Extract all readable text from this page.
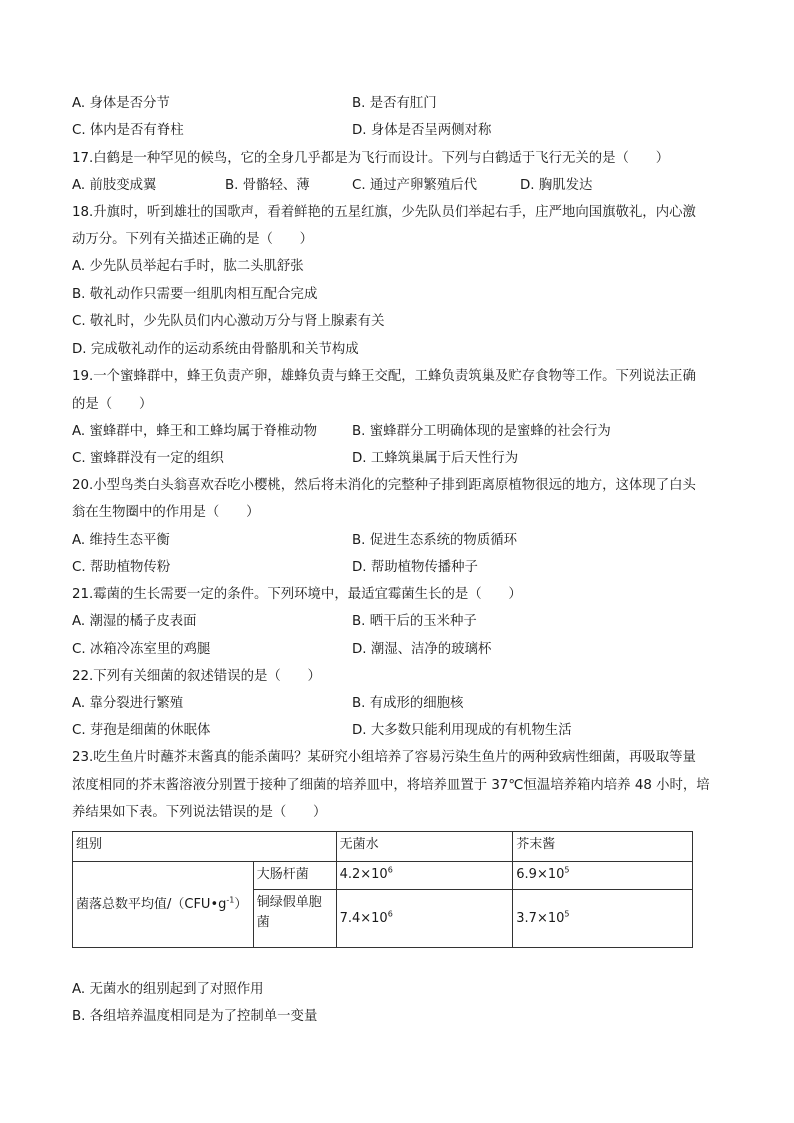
A. 身体是否分节	B. 是否有肛门
C. 体内是否有脊柱	D. 身体是否呈两侧对称
17.白鹤是一种罕见的候鸟，它的全身几乎都是为飞行而设计。下列与白鹤适于飞行无关的是（　　）
A. 前肢变成翼	B. 骨骼轻、薄	C. 通过产卵繁殖后代	D. 胸肌发达
18.升旗时，听到雄壮的国歌声，看着鲜艳的五星红旗，少先队员们举起右手，庄严地向国旗敬礼，内心激
动万分。下列有关描述正确的是（　　）
A. 少先队员举起右手时，肱二头肌舒张
B. 敬礼动作只需要一组肌肉相互配合完成
C. 敬礼时，少先队员们内心激动万分与肾上腺素有关
D. 完成敬礼动作的运动系统由骨骼肌和关节构成
19.一个蜜蜂群中，蜂王负责产卵，雄蜂负责与蜂王交配，工蜂负责筑巢及贮存食物等工作。下列说法正确
的是（　　）
A. 蜜蜂群中，蜂王和工蜂均属于脊椎动物	B. 蜜蜂群分工明确体现的是蜜蜂的社会行为
C. 蜜蜂群没有一定的组织	D. 工蜂筑巢属于后天性行为
20.小型鸟类白头翁喜欢吞吃小樱桃，然后将未消化的完整种子排到距离原植物很远的地方，这体现了白头
翁在生物圈中的作用是（　　）
A. 维持生态平衡	B. 促进生态系统的物质循环
C. 帮助植物传粉	D. 帮助植物传播种子
21.霉菌的生长需要一定的条件。下列环境中，最适宜霉菌生长的是（　　）
A. 潮湿的橘子皮表面	B. 晒干后的玉米种子
C. 冰箱冷冻室里的鸡腿	D. 潮湿、洁净的玻璃杯
22.下列有关细菌的叙述错误的是（　　）
A. 靠分裂进行繁殖	B. 有成形的细胞核
C. 芽孢是细菌的休眠体	D. 大多数只能利用现成的有机物生活
23.吃生鱼片时蘸芥末酱真的能杀菌吗？某研究小组培养了容易污染生鱼片的两种致病性细菌，再吸取等量
浓度相同的芥末酱溶液分别置于接种了细菌的培养皿中，将培养皿置于 37℃恒温培养箱内培养 48 小时，培
养结果如下表。下列说法错误的是（　　）
组别		无菌水	芥末酱
菌落总数平均值$/(CFU•g^{-1})$	大肠杆菌	$4.2\times 10^6$	$6.9\times 10^5$

	铜绿假单胞
菌	$7.4\times 10^6$	$3.7\times 10^5$
A. 无菌水的组别起到了对照作用
B. 各组培养温度相同是为了控制单一变量
